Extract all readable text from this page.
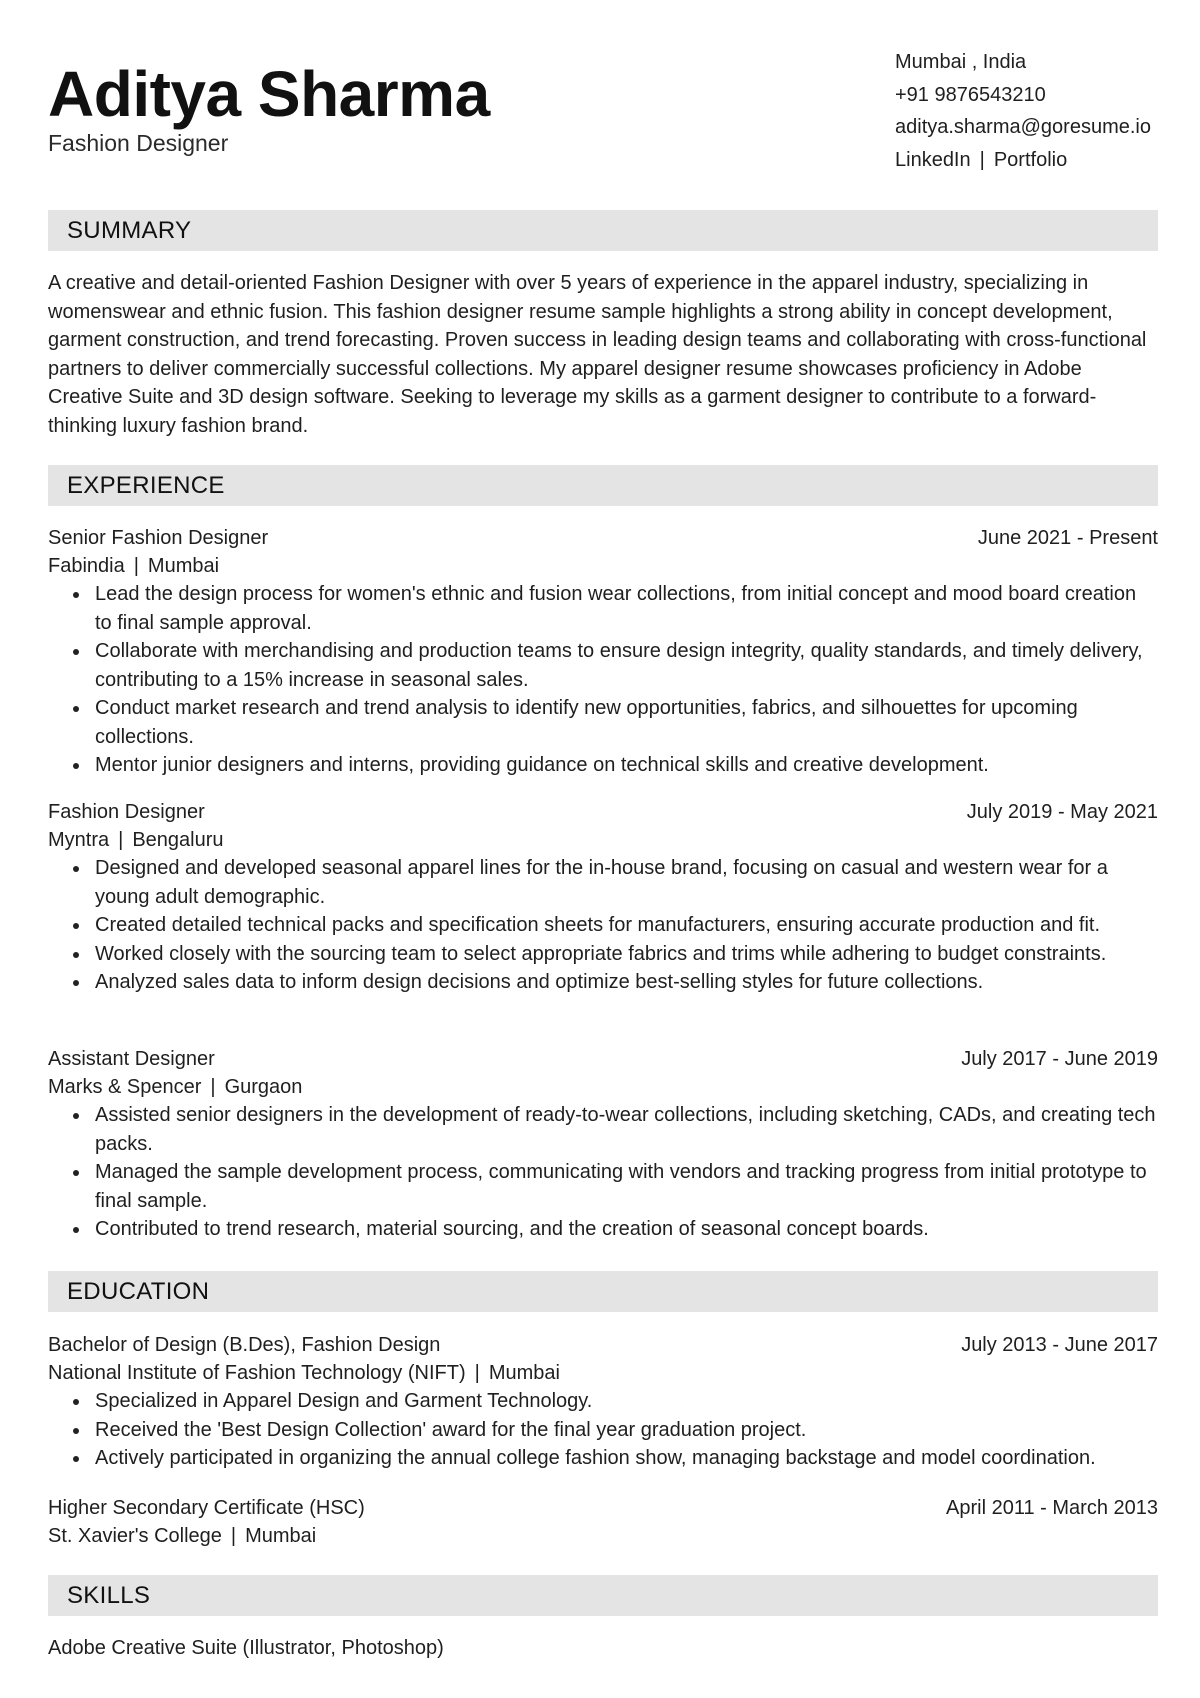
Aditya Sharma
Fashion Designer
Mumbai , India
+91 9876543210
aditya.sharma@goresume.io
LinkedIn | Portfolio
SUMMARY
A creative and detail-oriented Fashion Designer with over 5 years of experience in the apparel industry, specializing in womenswear and ethnic fusion. This fashion designer resume sample highlights a strong ability in concept development, garment construction, and trend forecasting. Proven success in leading design teams and collaborating with cross-functional partners to deliver commercially successful collections. My apparel designer resume showcases proficiency in Adobe Creative Suite and 3D design software. Seeking to leverage my skills as a garment designer to contribute to a forward-thinking luxury fashion brand.
EXPERIENCE
Senior Fashion Designer	June 2021 - Present
Fabindia | Mumbai
Lead the design process for women's ethnic and fusion wear collections, from initial concept and mood board creation to final sample approval.
Collaborate with merchandising and production teams to ensure design integrity, quality standards, and timely delivery, contributing to a 15% increase in seasonal sales.
Conduct market research and trend analysis to identify new opportunities, fabrics, and silhouettes for upcoming collections.
Mentor junior designers and interns, providing guidance on technical skills and creative development.
Fashion Designer	July 2019 - May 2021
Myntra | Bengaluru
Designed and developed seasonal apparel lines for the in-house brand, focusing on casual and western wear for a young adult demographic.
Created detailed technical packs and specification sheets for manufacturers, ensuring accurate production and fit.
Worked closely with the sourcing team to select appropriate fabrics and trims while adhering to budget constraints.
Analyzed sales data to inform design decisions and optimize best-selling styles for future collections.
Assistant Designer	July 2017 - June 2019
Marks & Spencer | Gurgaon
Assisted senior designers in the development of ready-to-wear collections, including sketching, CADs, and creating tech packs.
Managed the sample development process, communicating with vendors and tracking progress from initial prototype to final sample.
Contributed to trend research, material sourcing, and the creation of seasonal concept boards.
EDUCATION
Bachelor of Design (B.Des), Fashion Design	July 2013 - June 2017
National Institute of Fashion Technology (NIFT) | Mumbai
Specialized in Apparel Design and Garment Technology.
Received the 'Best Design Collection' award for the final year graduation project.
Actively participated in organizing the annual college fashion show, managing backstage and model coordination.
Higher Secondary Certificate (HSC)	April 2011 - March 2013
St. Xavier's College | Mumbai
SKILLS
Adobe Creative Suite (Illustrator, Photoshop)
